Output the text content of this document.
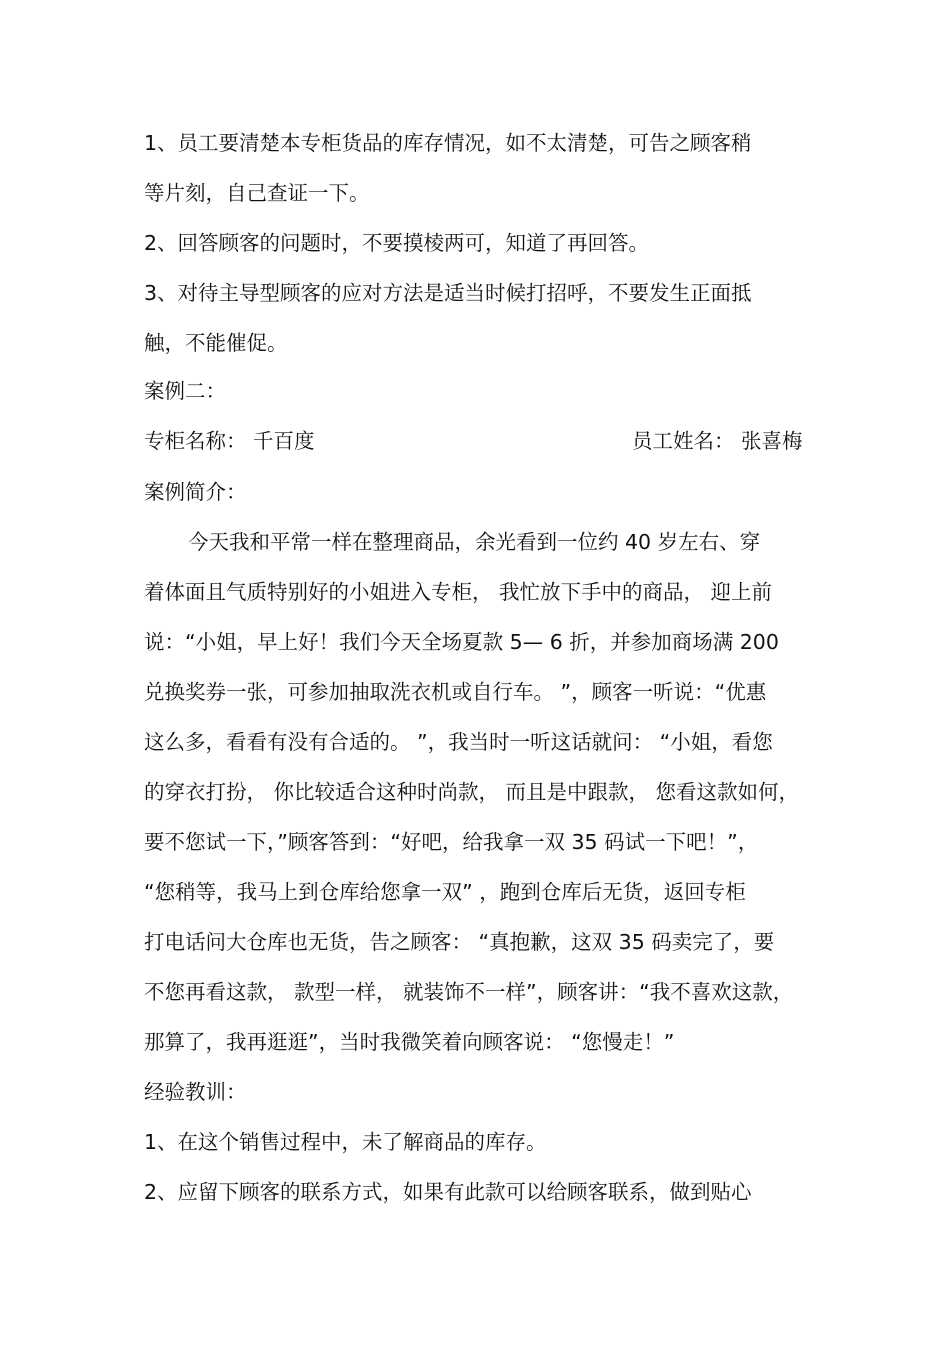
1、员工要清楚本专柜货品的库存情况，如不太清楚，可告之顾客稍
等片刻，自己查证一下。
2、回答顾客的问题时，不要摸棱两可，知道了再回答。
3、对待主导型顾客的应对方法是适当时候打招呼，不要发生正面抵
触，不能催促。
案例二：
专柜名称： 千百度	员工姓名： 张喜梅
案例简介：
今天我和平常一样在整理商品，余光看到一位约 40 岁左右、穿
着体面且气质特别好的小姐进入专柜， 我忙放下手中的商品， 迎上前
说：“小姐，早上好！我们今天全场夏款 5— 6 折，并参加商场满 200
兑换奖券一张，可参加抽取洗衣机或自行车。 ”，顾客一听说：“优惠
这么多，看看有没有合适的。 ”，我当时一听这话就问： “小姐，看您
的穿衣打扮， 你比较适合这种时尚款， 而且是中跟款， 您看这款如何，
要不您试一下，”顾客答到：“好吧，给我拿一双 35 码试一下吧！”，
“您稍等，我马上到仓库给您拿一双” ，跑到仓库后无货，返回专柜
打电话问大仓库也无货，告之顾客： “真抱歉，这双 35 码卖完了，要
不您再看这款， 款型一样， 就装饰不一样”，顾客讲：“我不喜欢这款，
那算了，我再逛逛”，当时我微笑着向顾客说： “您慢走！”
经验教训：
1、在这个销售过程中，未了解商品的库存。
2、应留下顾客的联系方式，如果有此款可以给顾客联系，做到贴心
